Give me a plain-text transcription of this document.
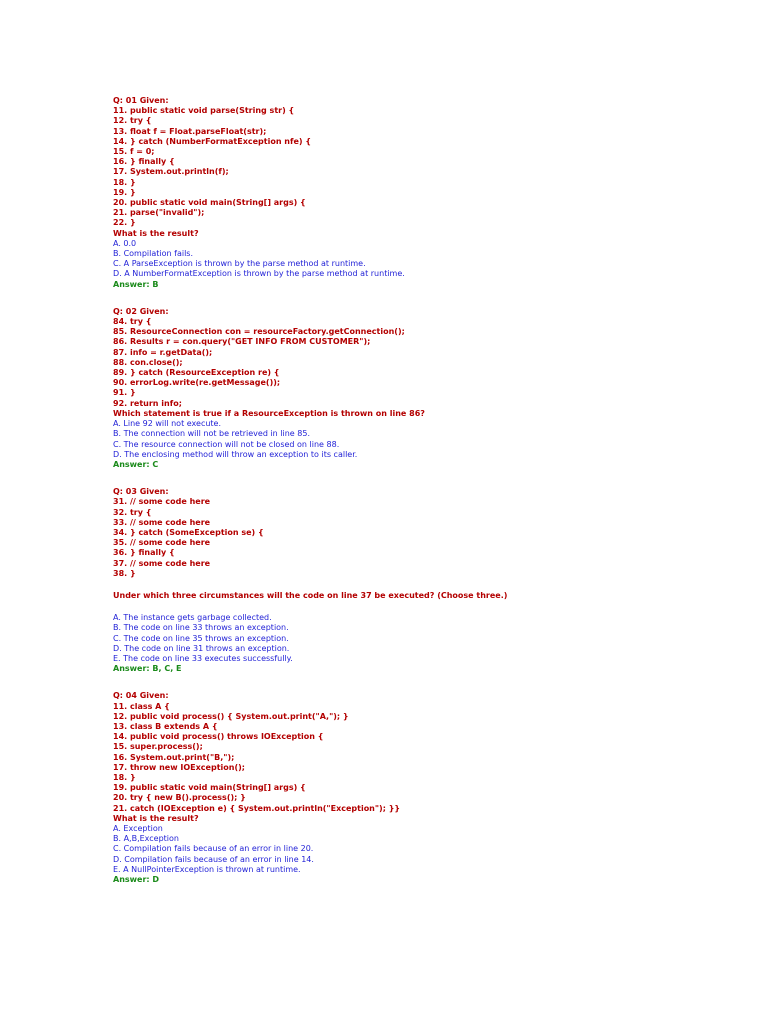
Q: 01 Given:
11. public static void parse(String str) {
12. try {
13. float f = Float.parseFloat(str);
14. } catch (NumberFormatException nfe) {
15. f = 0;
16. } finally {
17. System.out.println(f);
18. }
19. }
20. public static void main(String[] args) {
21. parse("invalid");
22. }
What is the result?
A. 0.0
B. Compilation fails.
C. A ParseException is thrown by the parse method at runtime.
D. A NumberFormatException is thrown by the parse method at runtime.
Answer: B
Q: 02 Given:
84. try {
85. ResourceConnection con = resourceFactory.getConnection();
86. Results r = con.query("GET INFO FROM CUSTOMER");
87. info = r.getData();
88. con.close();
89. } catch (ResourceException re) {
90. errorLog.write(re.getMessage());
91. }
92. return info;
Which statement is true if a ResourceException is thrown on line 86?
A. Line 92 will not execute.
B. The connection will not be retrieved in line 85.
C. The resource connection will not be closed on line 88.
D. The enclosing method will throw an exception to its caller.
Answer: C
Q: 03 Given:
31. // some code here
32. try {
33. // some code here
34. } catch (SomeException se) {
35. // some code here
36. } finally {
37. // some code here
38. }
Under which three circumstances will the code on line 37 be executed? (Choose three.)
A. The instance gets garbage collected.
B. The code on line 33 throws an exception.
C. The code on line 35 throws an exception.
D. The code on line 31 throws an exception.
E. The code on line 33 executes successfully.
Answer: B, C, E
Q: 04 Given:
11. class A {
12. public void process() { System.out.print("A,"); }
13. class B extends A {
14. public void process() throws IOException {
15. super.process();
16. System.out.print("B,");
17. throw new IOException();
18. }
19. public static void main(String[] args) {
20. try { new B().process(); }
21. catch (IOException e) { System.out.println("Exception"); }}
What is the result?
A. Exception
B. A,B,Exception
C. Compilation fails because of an error in line 20.
D. Compilation fails because of an error in line 14.
E. A NullPointerException is thrown at runtime.
Answer: D
